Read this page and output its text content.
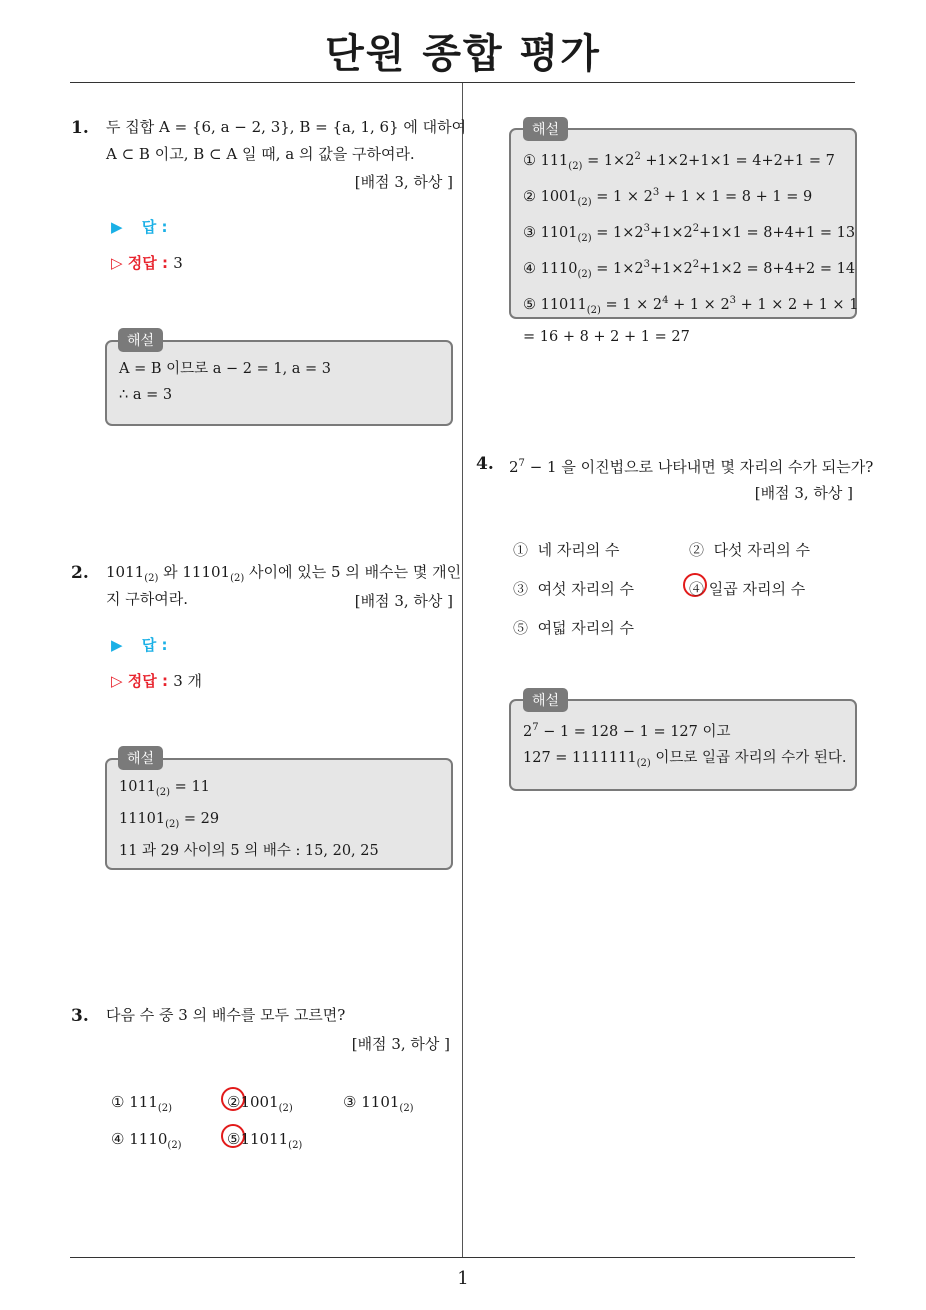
단원 종합 평가
1. 두 집합 A = {6, a − 2, 3}, B = {a, 1, 6} 에 대하여
A ⊂ B 이고, B ⊂ A 일 때, a 의 값을 구하여라.
[배점 3, 하상 ]
▶ 답 :
▷ 정답 : 3
A = B 이므로 a − 2 = 1, a = 3
∴ a = 3
해설
2. $1011_{(2)}$ 와 $11101_{(2)}$ 사이에 있는 5 의 배수는 몇 개인
지 구하여라.	[배점 3, 하상 ]
▶ 답 :
▷ 정답 : 3 개
$1011_{(2)} = 11$
$11101_{(2)} = 29$
11 과 29 사이의 5 의 배수 : 15, 20, 25
해설
3. 다음 수 중 3 의 배수를 모두 고르면?
[배점 3, 하상 ]
① $111_{(2)}$	$②1001_{(2)}$	③ $1101_{(2)}$
④ $1110_{(2)}$	$⑤11011_{(2)}$
① $111_{(2)} = 1\times 2^2 +1\times 2+1\times 1 = 4+2+1 = 7$
② $1001_{(2)} = 1 \times 2^3 + 1 \times 1 = 8 + 1 = 9$
③ $1101_{(2)} = 1\times 2^3+1\times 2^2+1\times 1 = 8+4+1 = 13$
④ $1110_{(2)} = 1\times 2^3+1\times 2^2+1\times 2 = 8+4+2 = 14$
⑤ $11011_{(2)} = 1 \times 2^4 + 1 \times 2^3 + 1 \times 2 + 1 \times 1$
= 16 + 8 + 2 + 1 = 27
해설
4. $2^7 - 1$ 을 이진법으로 나타내면 몇 자리의 수가 되는가?
[배점 3, 하상 ]
① 네 자리의 수	② 다섯 자리의 수
③ 여섯 자리의 수	④ 일곱 자리의 수
⑤ 여덟 자리의 수
$2^7 - 1 = 128 - 1 = 127$ 이고
$127 = 1111111_{(2)}$ 이므로 일곱 자리의 수가 된다.
해설
1
